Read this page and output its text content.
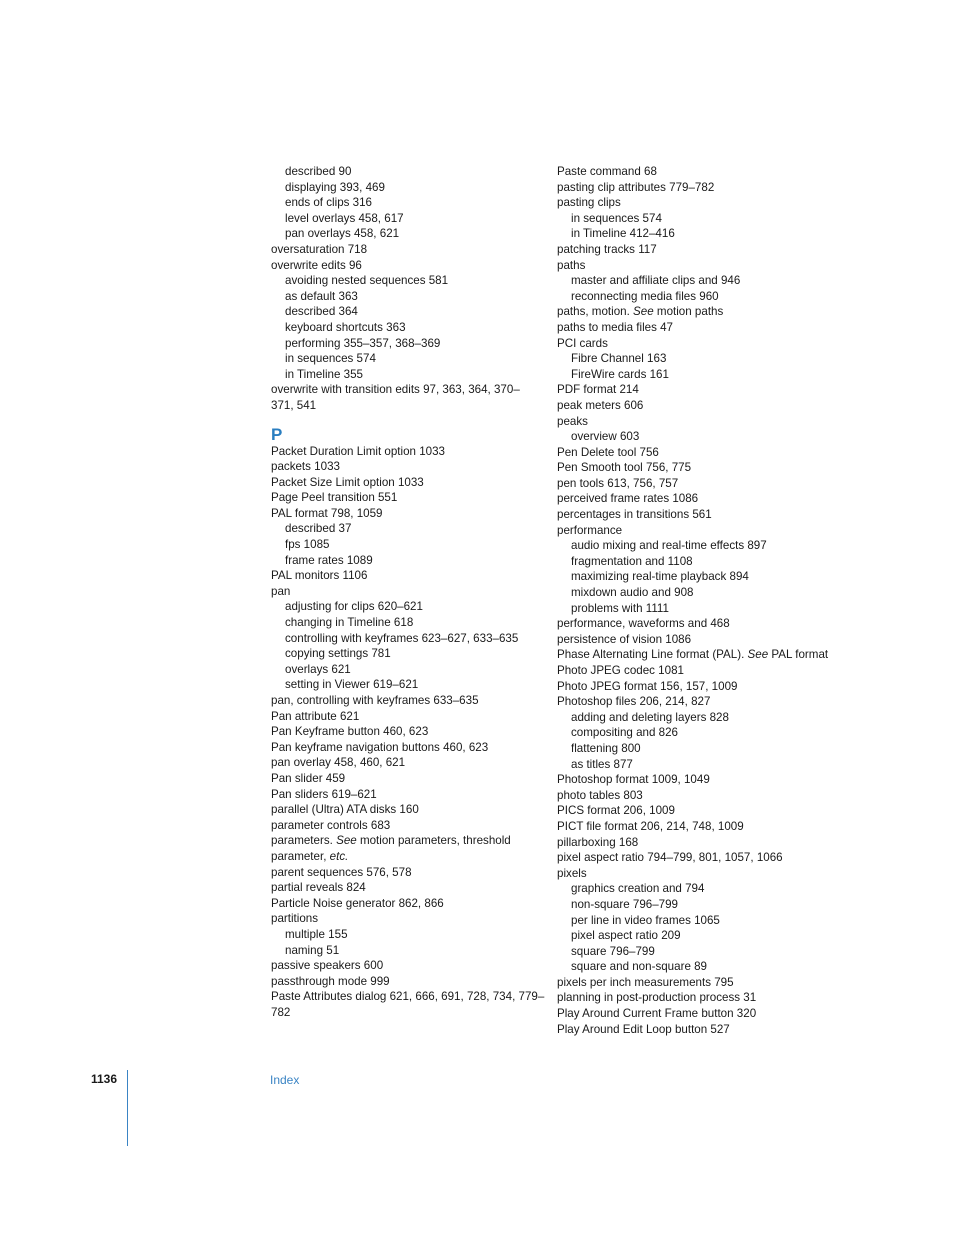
described 90
displaying 393, 469
ends of clips 316
level overlays 458, 617
pan overlays 458, 621
oversaturation 718
overwrite edits 96
avoiding nested sequences 581
as default 363
described 364
keyboard shortcuts 363
performing 355–357, 368–369
in sequences 574
in Timeline 355
overwrite with transition edits 97, 363, 364, 370–
371, 541
P
Packet Duration Limit option 1033
packets 1033
Packet Size Limit option 1033
Page Peel transition 551
PAL format 798, 1059
described 37
fps 1085
frame rates 1089
PAL monitors 1106
pan
adjusting for clips 620–621
changing in Timeline 618
controlling with keyframes 623–627, 633–635
copying settings 781
overlays 621
setting in Viewer 619–621
pan, controlling with keyframes 633–635
Pan attribute 621
Pan Keyframe button 460, 623
Pan keyframe navigation buttons 460, 623
pan overlay 458, 460, 621
Pan slider 459
Pan sliders 619–621
parallel (Ultra) ATA disks 160
parameter controls 683
parameters. See motion parameters, threshold
parameter, etc.
parent sequences 576, 578
partial reveals 824
Particle Noise generator 862, 866
partitions
multiple 155
naming 51
passive speakers 600
passthrough mode 999
Paste Attributes dialog 621, 666, 691, 728, 734, 779–
782
Paste command 68
pasting clip attributes 779–782
pasting clips
in sequences 574
in Timeline 412–416
patching tracks 117
paths
master and affiliate clips and 946
reconnecting media files 960
paths, motion. See motion paths
paths to media files 47
PCI cards
Fibre Channel 163
FireWire cards 161
PDF format 214
peak meters 606
peaks
overview 603
Pen Delete tool 756
Pen Smooth tool 756, 775
pen tools 613, 756, 757
perceived frame rates 1086
percentages in transitions 561
performance
audio mixing and real-time effects 897
fragmentation and 1108
maximizing real-time playback 894
mixdown audio and 908
problems with 1111
performance, waveforms and 468
persistence of vision 1086
Phase Alternating Line format (PAL). See PAL format
Photo JPEG codec 1081
Photo JPEG format 156, 157, 1009
Photoshop files 206, 214, 827
adding and deleting layers 828
compositing and 826
flattening 800
as titles 877
Photoshop format 1009, 1049
photo tables 803
PICS format 206, 1009
PICT file format 206, 214, 748, 1009
pillarboxing 168
pixel aspect ratio 794–799, 801, 1057, 1066
pixels
graphics creation and 794
non-square 796–799
per line in video frames 1065
pixel aspect ratio 209
square 796–799
square and non-square 89
pixels per inch measurements 795
planning in post-production process 31
Play Around Current Frame button 320
Play Around Edit Loop button 527
1136	Index
